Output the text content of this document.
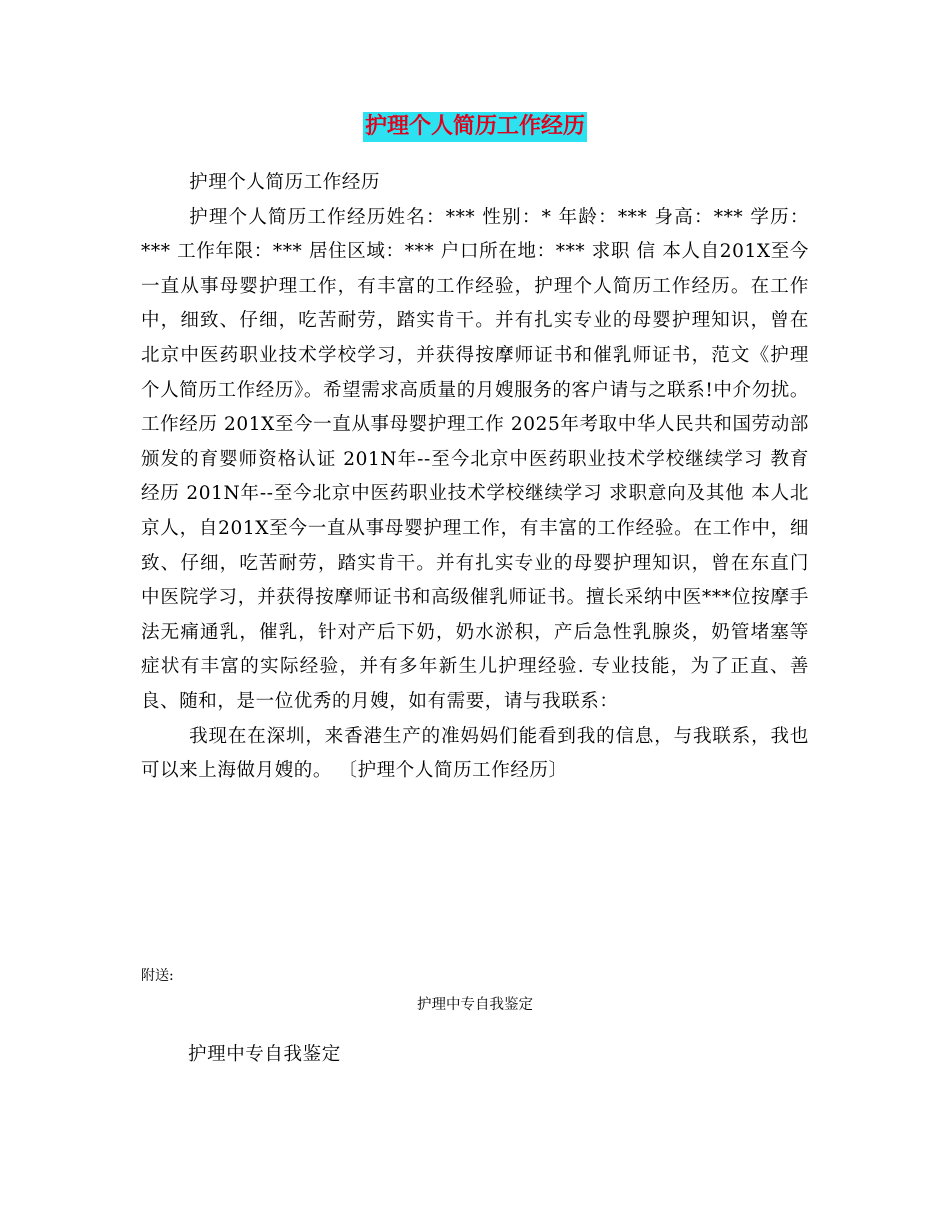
护理个人简历工作经历

护理个人简历工作经历

护理个人简历工作经历姓名：*** 性别：* 年龄：*** 身高：*** 学历：*** 工作年限：*** 居住区域：*** 户口所在地：*** 求职 信 本人自201X至今一直从事母婴护理工作，有丰富的工作经验，护理个人简历工作经历。在工作中，细致、仔细，吃苦耐劳，踏实肯干。并有扎实专业的母婴护理知识，曾在北京中医药职业技术学校学习，并获得按摩师证书和催乳师证书，范文《护理个人简历工作经历》。希望需求高质量的月嫂服务的客户请与之联系!中介勿扰。 工作经历 201X至今一直从事母婴护理工作 2025年考取中华人民共和国劳动部颁发的育婴师资格认证 201N年--至今北京中医药职业技术学校继续学习 教育经历 201N年--至今北京中医药职业技术学校继续学习 求职意向及其他 本人北京人，自201X至今一直从事母婴护理工作，有丰富的工作经验。在工作中，细致、仔细，吃苦耐劳，踏实肯干。并有扎实专业的母婴护理知识，曾在东直门中医院学习，并获得按摩师证书和高级催乳师证书。擅长采纳中医***位按摩手法无痛通乳，催乳，针对产后下奶，奶水淤积，产后急性乳腺炎，奶管堵塞等症状有丰富的实际经验，并有多年新生儿护理经验. 专业技能，为了正直、善良、随和，是一位优秀的月嫂，如有需要，请与我联系：

我现在在深圳，来香港生产的准妈妈们能看到我的信息，与我联系，我也可以来上海做月嫂的。 〔护理个人简历工作经历〕

附送:
护理中专自我鉴定
护理中专自我鉴定
